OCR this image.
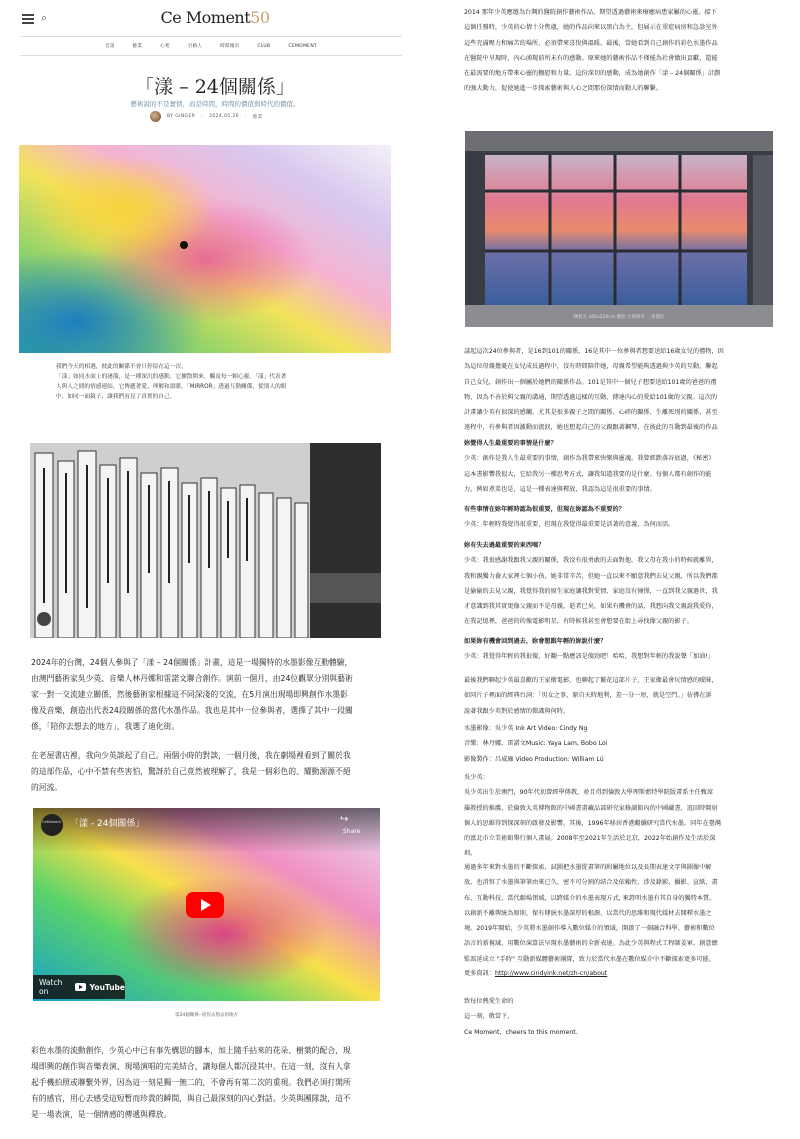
⌕	Ce Moment50
音訊	藝業	心苑	引路人	時間城市	CLUB	CEMOMENT
「漾 – 24個關係」
藝術說的不是實情，而是時間，時間的價值與時代的價值。
BY GINGER · 2024.05.26 · 藝業
我們今天的相遇，彼此的關係不會只停留在這一次。
「漾」如同水面上的漣漪，是一種深沉的感動，它擴散開來，觸及每一顆心靈。「漾」代表著
人與人之間的情感連結，它傳遞著愛、理解和溫暖。「MIRROR」透過互動關係，從別人的眼
中，如同一面鏡子，讓我們看見了真實的自己。
2024年的台灣，24個人參與了「漾 – 24個關係」計畫，這是一場獨特的水墨影像互動體驗，
由澳門藝術家吳少英、音樂人林丹娜和雷諾文聯合創作。演前一個月，由24位觀眾分別與藝術
家一對一交流建立關係，然後藝術家根據這不同深淺的交流，在5月演出現場即興創作水墨影
像及音樂，創造出代表24段關係的當代水墨作品。我也是其中一位參與者，選擇了其中一段關
係，「陪你去想去的地方」，我選了迪化街。
在老屋書店裡，我向少英談起了自己。兩個小時的對談，一個月後，我在劇場裡看到了關於我
的這部作品，心中不禁有些害怕，驚訝於自己竟然被理解了，我是一個彩色的、耀動源源不絕
的河流。
CeMoment 「漾 - 24個關係」	↪
Share
Watch on	YouTube
第24個關係--陪你去想去的地方
彩色水墨的流動創作，少英心中已有事先構思的腳本，加上隨手拈來的花朵、樹葉的配合，現
場即興的創作與音樂表演、現場演唱的完美結合，讓每個人都沉浸其中。在這一刻，沒有人拿
起手機拍照或聯繫外界，因為這一刻是獨一無二的，不會再有第二次的重現。我們必須打開所
有的感官，用心去感受這短暫而珍貴的瞬間，與自己最深刻的內心對話。少英與團隊說，這不
是一場表演，是一個情感的傳遞與釋放。
2014 那年少英應邀為台灣的醫院創作藝術作品，期望透過藝術來療癒病患家屬的心靈。接下
這個任務時，少英的心情十分焦慮，她的作品向來以黑白為主，但展示在重症病房和急診室外
這些充滿壓力和痛苦的場所，必須帶來喜悅與溫暖。最後，當她看到自己創作的彩色水墨作品
在醫院中呈現時，內心湧現前所未有的感動。原來她的藝術作品不僅能為社會做出貢獻，還能
在最需要的地方帶來心靈的撫慰和力量。這份深切的感動，成為她創作「漾 – 24個關係」計劃
的強大動力，促使她進一步探索藝術與人心之間那份深情而動人的聯繫。
曙暮光 400x250cm 攝影 台灣耕莘 三重醫院
談起這次24位參與者，是16到101的關係，16是其中一位參與者想要送給16歲女兒的禮物，因
為這位母親擔憂在女兒成長過程中，沒有時間陪伴她，母親希望能夠透過與少英的互動，聯起
自己女兒，創作出一個屬於她們的關係作品。101是其中一個兒子想要送給101歲的爸爸的禮
物，因為不善於與父親的溝通，期望透過這樣的互動，傳達內心的愛給101歲的父親。這次的
計畫讓少英有很深的感觸，尤其是很多親子之間的關係、心碎的關係、生離死別的關係，甚至
遠程中，有參與者因激動而流淚，她也想起自己的父親跟著鋼琴，在彼此的互動到最後的作品
妳覺得人生最重要的事情是什麼？
少英：創作是我人生最重要的事情，創作為我帶來快樂與靈魂。我曾經跌落谷底過，《秘密》
這本書影響我很大，它給我另一種思考方式，讓我知道我要的是什麼。每個人都有創作的能
力，例如煮菜也是，這是一種表達與釋放，我認為這是很重要的事情。
有些事情在妳年輕時認為很重要，但現在妳認為不重要的？
少英：年輕時我覺得很重要，但現在我覺得最重要是活著的意義，為何而活。
妳有失去過最重要的東西嗎？
少英：我很感謝我跟我父親的關係，我沒有很勇敢的去面對他，我父母在我小的時候就離異，
我和親獨力養大家裡七個小孩，她非常辛苦，但她一直以來不願意我們去見父親，所以我們都
是偷偷的去見父親，我覺得我的原生家庭讓我對愛情、家庭沒有憧憬，一直到我父親過世，我
才意識到我其實更像父親而不是母親。逝者已矣，如果有機會的話，我想向我父親說我愛你，
在我記憶裡，爸爸的的像電影明星，有時候我甚至會想要在街上尋找像父親的影子。
如果妳有機會回到過去，妳會想跟年輕的妳說什麼？
少英：我覺得年輕的我很傻，好翻一點應該是傻勁吧！哈哈，我想對年輕的我說聲「加油!」
最後我們聊起少英最喜歡的王家衛電影，也聊起了繁花這部片子，王家衛最會玩情感的曖昧，
如同片子裡面的經典台詞：「男女之事，原自天時地利，差一分一厘，就是空門。」彷彿在訴
說著我跟少英對於感情的微識與何時。
水墨影像：吳少英 Ink Art Video: Cindy Ng
音樂：林丹娜、雷諾文Music: Yaya Lam, Bobo Loi
影像製作：呂威廉 Video Production: William Lü
吳少英：
吳少英出生於澳門，90年代初曾經學傳教，並且得到倫敦大學理斯藍特學院版畫系主任甄席
羅教授的推薦，於倫敦大英博物館的中國書畫藏品部研究家修讀館內的中國藏書，返回時開射
個人的思維得到探深刻的啟發及影響。其後，1996年移居香港繼續研究當代水墨，同年在臺灣
的富北市立美術館舉行個人畫展。2008年至2021年生活於北京，2022年始創作及生活於深
圳。
通過多年來對水墨的不斷探索，試圖把水墨從畫筆的附屬地位以及長期表達文字與圖像中解
放，也消弭了水墨與筆筆由來已久、密不可分割的結合及依賴性，涉及錄影、攝影、宣紙、畫
布、互動科技、當代劇場領域，以跨媒介的水墨表現方式, 來證明水墨有其自身的獨特本質。
以創新不離傳統為原則，保有傳統水墨深厚的根源，以當代的思維和現代媒材去開釋水墨之
境。2019年開始，少英將水墨創作導入數位媒介的領域，開啟了一個融合科學、藝術和數位
語言的新視域，用數位演算法呈現水墨藝術的全新表達。為此少英與程式工程師姜軍、創意總
監馮延成立 "手時" 互動新媒體藝術團隊，致力於當代水墨在數位媒介中不斷探索更多可能。
更多資訊：http://www.cindyink.net/zh-cn/about
致每位熱愛生命的
這一刻，敬當下，
Ce Moment，cheers to this moment.
